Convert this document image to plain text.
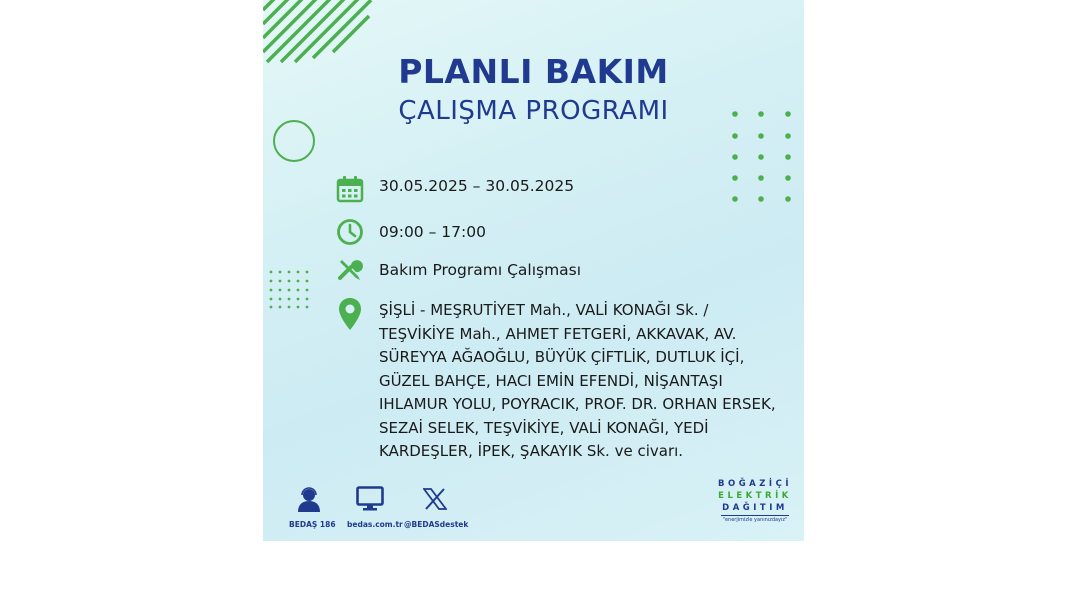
PLANLI BAKIM
ÇALIŞMA PROGRAMI
30.05.2025 – 30.05.2025
09:00 – 17:00
Bakım Programı Çalışması
ŞİŞLİ - MEŞRUTİYET Mah., VALİ KONAĞI Sk. /
TEŞVİKİYE Mah., AHMET FETGERİ, AKKAVAK, AV.
SÜREYYA AĞAOĞLU, BÜYÜK ÇİFTLİK, DUTLUK İÇİ,
GÜZEL BAHÇE, HACI EMİN EFENDİ, NİŞANTAŞI
IHLAMUR YOLU, POYRACIK, PROF. DR. ORHAN ERSEK,
SEZAİ SELEK, TEŞVİKİYE, VALİ KONAĞI, YEDİ
KARDEŞLER, İPEK, ŞAKAYIK Sk. ve civarı.
BEDAŞ 186 bedas.com.tr @BEDASdestek
BOĞAZİÇİ
ELEKTRİK
DAĞITIM
"enerjimizle yanınızdayız"
